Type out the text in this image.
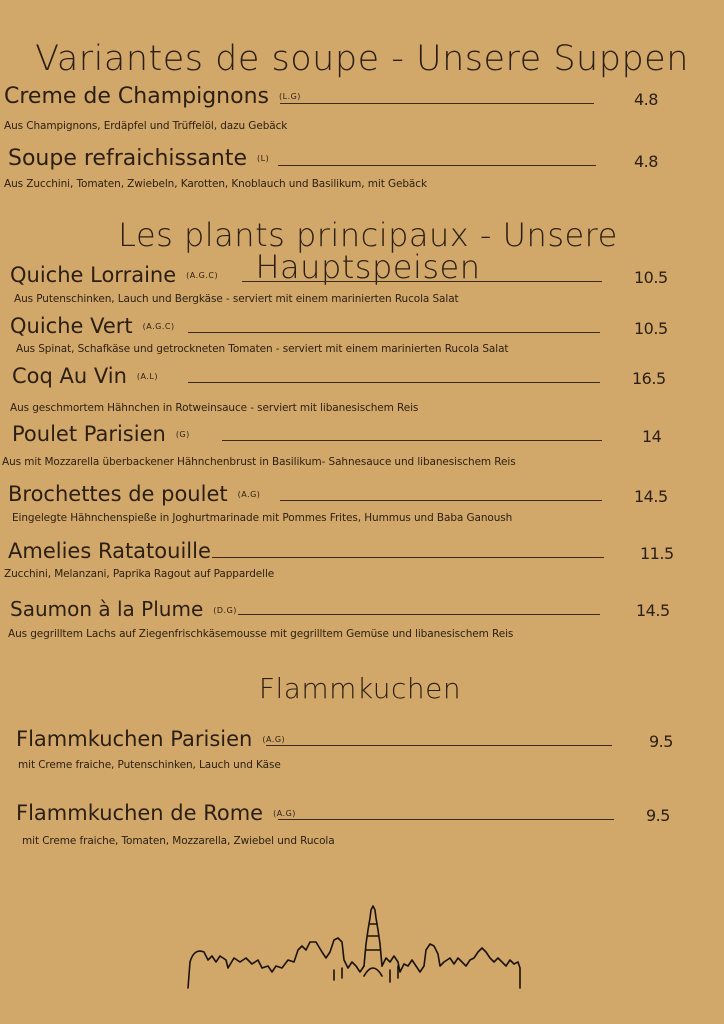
Variantes de soupe - Unsere Suppen
Creme de Champignons (L.G)	4.8
Aus Champignons, Erdäpfel und Trüffelöl, dazu Gebäck
Soupe refraichissante (L)	4.8
Aus Zucchini, Tomaten, Zwiebeln, Karotten, Knoblauch und Basilikum, mit Gebäck
Les plants principaux - Unsere Hauptspeisen
Quiche Lorraine (A.G.C)	10.5
Aus Putenschinken, Lauch und Bergkäse - serviert mit einem marinierten Rucola Salat
Quiche Vert (A.G.C)	10.5
Aus Spinat, Schafkäse und getrockneten Tomaten - serviert mit einem marinierten Rucola Salat
Coq Au Vin (A.L)	16.5
Aus geschmortem Hähnchen in Rotweinsauce - serviert mit libanesischem Reis
Poulet Parisien (G)	14
Aus mit Mozzarella überbackener Hähnchenbrust in Basilikum- Sahnesauce und libanesischem Reis
Brochettes de poulet (A.G)	14.5
Eingelegte Hähnchenspieße in Joghurtmarinade mit Pommes Frites, Hummus und Baba Ganoush
Amelies Ratatouille	11.5
Zucchini, Melanzani, Paprika Ragout auf Pappardelle
Saumon à la Plume (D.G)	14.5
Aus gegrilltem Lachs auf Ziegenfrischkäsemousse mit gegrilltem Gemüse und libanesischem Reis
Flammkuchen
Flammkuchen Parisien (A.G)	9.5
mit Creme fraiche, Putenschinken, Lauch und Käse
Flammkuchen de Rome (A.G)	9.5
mit Creme fraiche, Tomaten, Mozzarella, Zwiebel und Rucola
